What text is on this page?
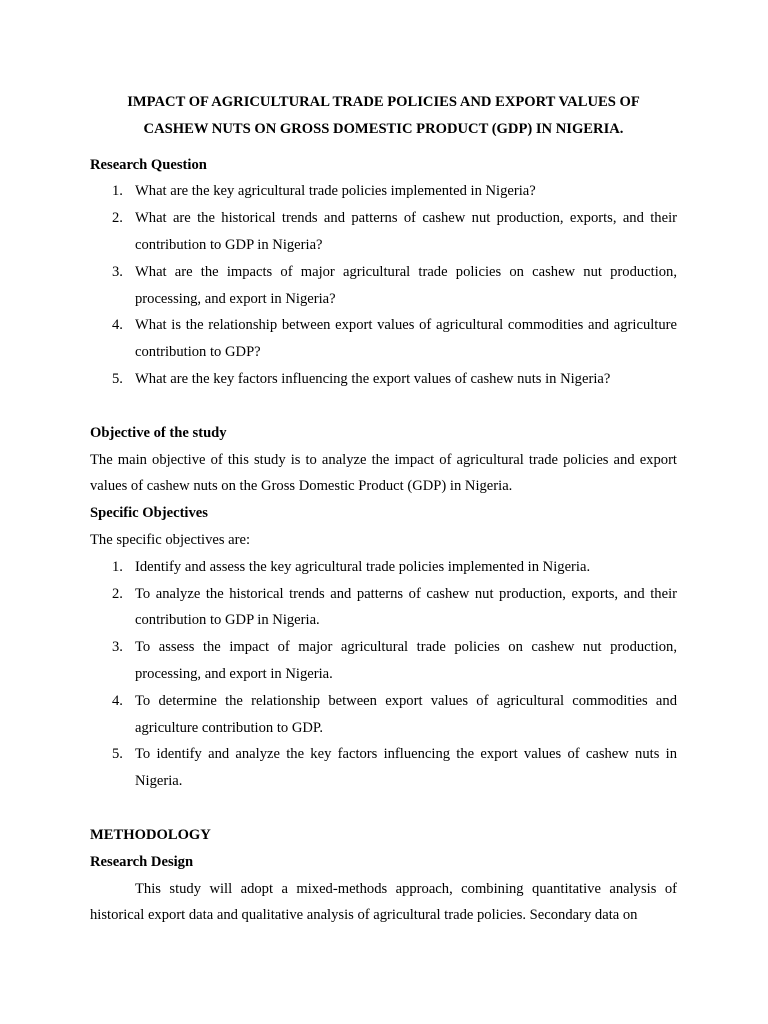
IMPACT OF AGRICULTURAL TRADE POLICIES AND EXPORT VALUES OF
CASHEW NUTS ON GROSS DOMESTIC PRODUCT (GDP) IN NIGERIA.

Research Question

1. What are the key agricultural trade policies implemented in Nigeria?
2. What are the historical trends and patterns of cashew nut production, exports, and their contribution to GDP in Nigeria?
3. What are the impacts of major agricultural trade policies on cashew nut production, processing, and export in Nigeria?
4. What is the relationship between export values of agricultural commodities and agriculture contribution to GDP?
5. What are the key factors influencing the export values of cashew nuts in Nigeria?

Objective of the study

The main objective of this study is to analyze the impact of agricultural trade policies and export values of cashew nuts on the Gross Domestic Product (GDP) in Nigeria.

Specific Objectives

The specific objectives are:

1. Identify and assess the key agricultural trade policies implemented in Nigeria.
2. To analyze the historical trends and patterns of cashew nut production, exports, and their contribution to GDP in Nigeria.
3. To assess the impact of major agricultural trade policies on cashew nut production, processing, and export in Nigeria.
4. To determine the relationship between export values of agricultural commodities and agriculture contribution to GDP.
5. To identify and analyze the key factors influencing the export values of cashew nuts in Nigeria.

METHODOLOGY

Research Design

This study will adopt a mixed-methods approach, combining quantitative analysis of historical export data and qualitative analysis of agricultural trade policies. Secondary data on
